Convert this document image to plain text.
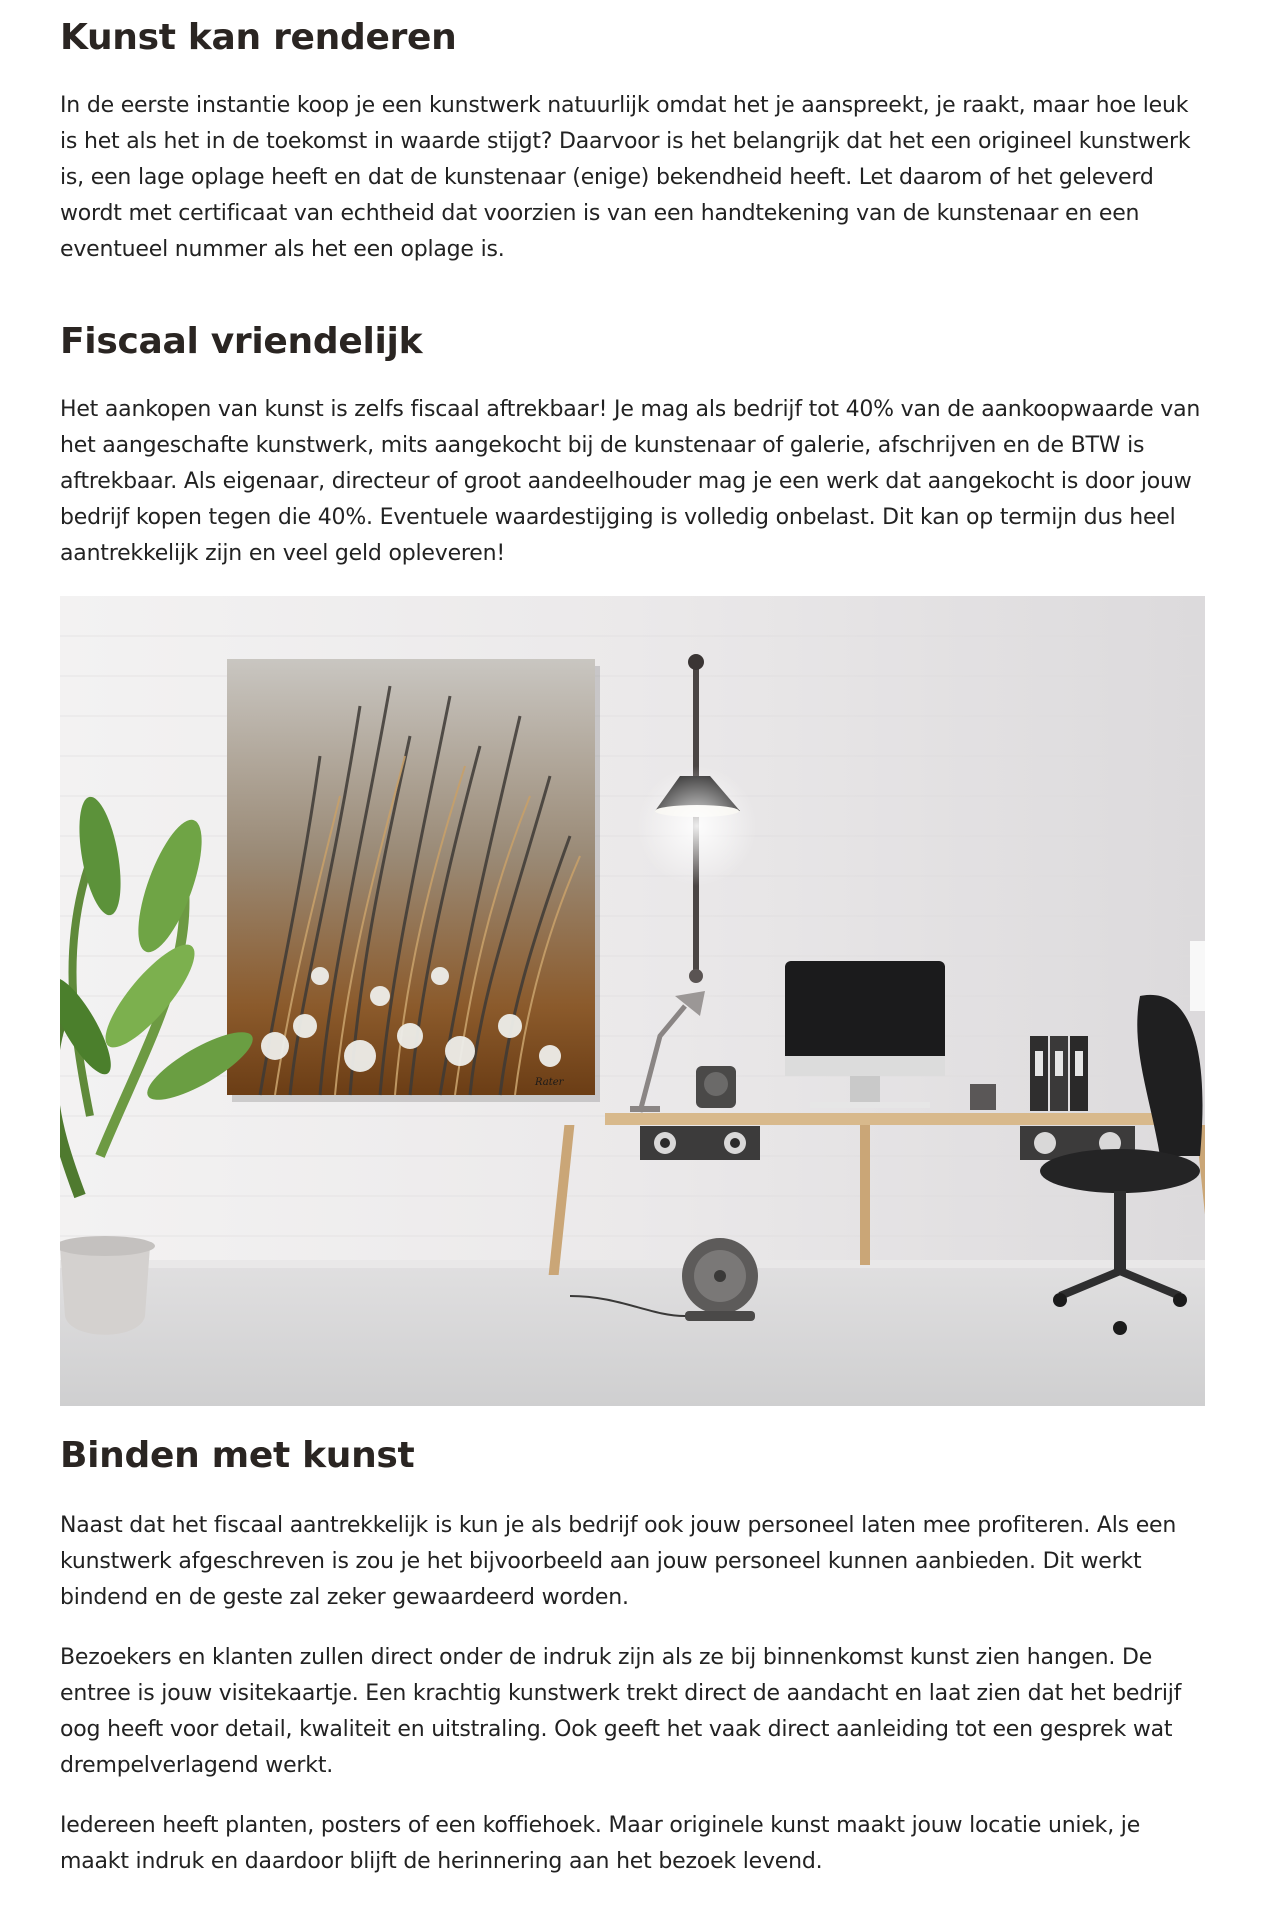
Kunst kan renderen

In de eerste instantie koop je een kunstwerk natuurlijk omdat het je aanspreekt, je raakt, maar hoe leuk is het als het in de toekomst in waarde stijgt? Daarvoor is het belangrijk dat het een origineel kunstwerk is, een lage oplage heeft en dat de kunstenaar (enige) bekendheid heeft. Let daarom of het geleverd wordt met certificaat van echtheid dat voorzien is van een handtekening van de kunstenaar en een eventueel nummer als het een oplage is.

Fiscaal vriendelijk

Het aankopen van kunst is zelfs fiscaal aftrekbaar! Je mag als bedrijf tot 40% van de aankoopwaarde van het aangeschafte kunstwerk, mits aangekocht bij de kunstenaar of galerie, afschrijven en de BTW is aftrekbaar. Als eigenaar, directeur of groot aandeelhouder mag je een werk dat aangekocht is door jouw bedrijf kopen tegen die 40%. Eventuele waardestijging is volledig onbelast. Dit kan op termijn dus heel aantrekkelijk zijn en veel geld opleveren!

Rater
Binden met kunst

Naast dat het fiscaal aantrekkelijk is kun je als bedrijf ook jouw personeel laten mee profiteren. Als een kunstwerk afgeschreven is zou je het bijvoorbeeld aan jouw personeel kunnen aanbieden. Dit werkt bindend en de geste zal zeker gewaardeerd worden.

Bezoekers en klanten zullen direct onder de indruk zijn als ze bij binnenkomst kunst zien hangen. De entree is jouw visitekaartje. Een krachtig kunstwerk trekt direct de aandacht en laat zien dat het bedrijf oog heeft voor detail, kwaliteit en uitstraling. Ook geeft het vaak direct aanleiding tot een gesprek wat drempelverlagend werkt.

Iedereen heeft planten, posters of een koffiehoek. Maar originele kunst maakt jouw locatie uniek, je maakt indruk en daardoor blijft de herinnering aan het bezoek levend.
